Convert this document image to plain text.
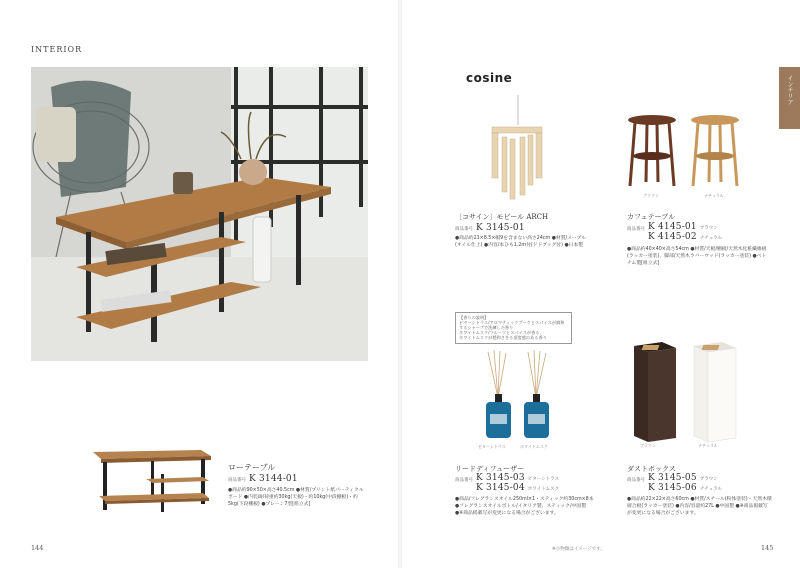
INTERIOR
ローテーブル
商品番号 K 3144-01
●商品約90×50×高さ40.5cm ●材質/プリント紙パーティクルボード ●内装/耐荷重約30kg(天板)・約10kg(中段棚板)・約5kg(下段棚板) ●プレーン7型[組立式]
144
インテリア
cosine
〔コサイン〕モビール ARCH
商品番号 K 3145-01
●商品約21×8.5×幅9を含まない高さ24cm ●材質/メープル(オイル仕上) ●内容/本ひも1.2m付(ドドブッグ付) ●日本製
ブラウン	ナチュラル
カフェテーブル
商品番号 K 4145-01 ブラウン
K 4145-02 ナチュラル
●商品約40×40×高さ54cm ●材質/天板/棚板/天然木化粧繊維板(ラッカー塗装)、脚部/天然木ラバーウッド(ラッカー塗装) ●ベトナム製[組立式]
【香りの説明】
ビターシトラス/アロマティックブーケとスパイスが調和するシャープで洗練した香り
ホワイトムスク/フルーツとスパイスが香る、
ホワイトムスクが穏和さをる頂度感のある香り
ビターシトラス	ホワイトムスク
リードディフューザー
商品番号 K 3145-03 ビターシトラス
K 3145-04 ホワイトムスク
●商品/フレグランスオイル250ml×1・スティック約30cm×8本 ●フレグランスオイルボトル/イタリア製、スティック/中国製 ●※商品掲載写が変更になる場合がございます。
ブラウン	ナチュラル
ダストボックス
商品番号 K 3145-05 ブラウン
K 3145-06 ナチュラル
●商品約22×22×高さ60cm ●材質/スチール(粉体塗装)・天然木積層合板(ラッカー塗装) ●内容/容量約27L ●中国製 ●※商品掲載写が変更になる場合がございます。
※小物類はイメージです。	145
